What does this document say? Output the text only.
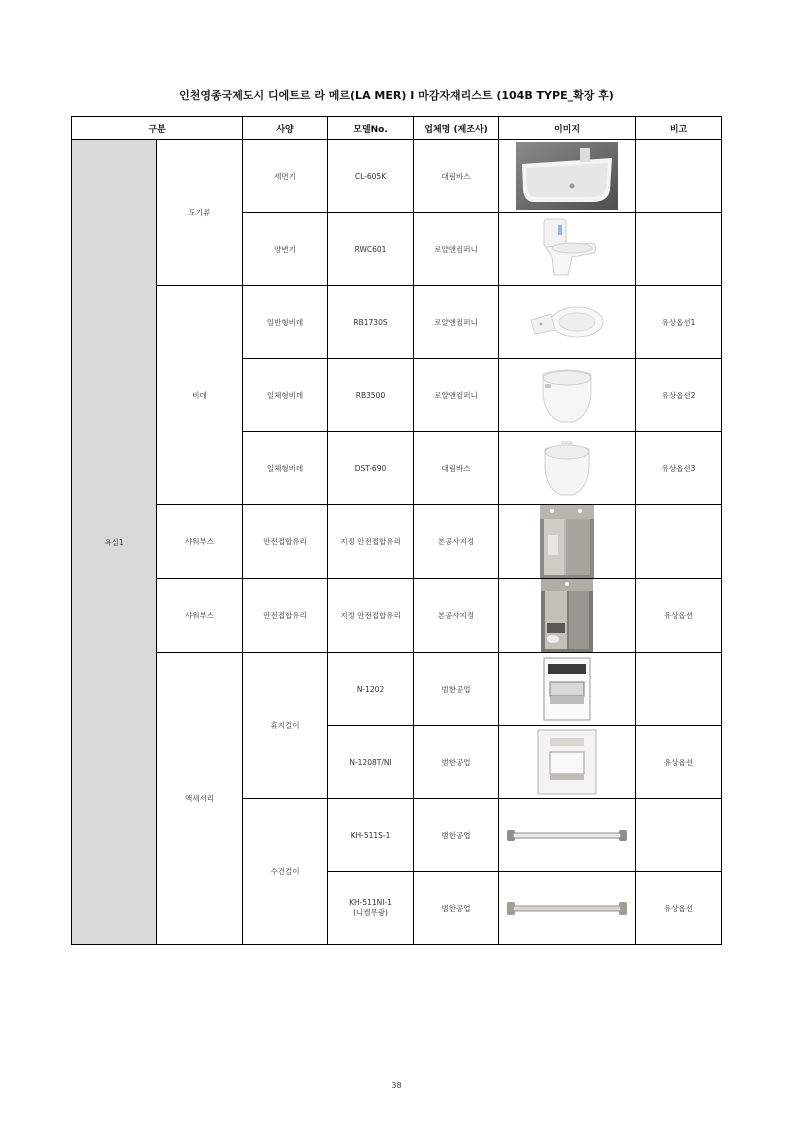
인천영종국제도시 디에트르 라 메르(LA MER) I 마감자재리스트 (104B TYPE_확장 후)
구분		사양	모델No.	업체명 (제조사)	이미지	비고
욕실1	도기류	세면기	CL-605K	대림바스	

		양변기	RWC601	로얄앤컴퍼니	

	비데	일반형비데	RB1730S	로얄앤컴퍼니		유상옵션1
		일체형비데	RB3500	로얄앤컴퍼니		유상옵션2
		일체형비데	DST-690	대림바스		유상옵션3
	샤워부스	안전접합유리	지정 안전접합유리	본공사지정	

	샤워부스	안전접합유리	지정 안전접합유리	본공사지정		유상옵션
	액세서리	휴지걸이	N-1202	범한공업	

			N-1208T/NI	범한공업		유상옵션
		수건걸이	KH-511S-1	범한공업	

			KH-511NI-1
(니켈무광)	범한공업		유상옵션
38
